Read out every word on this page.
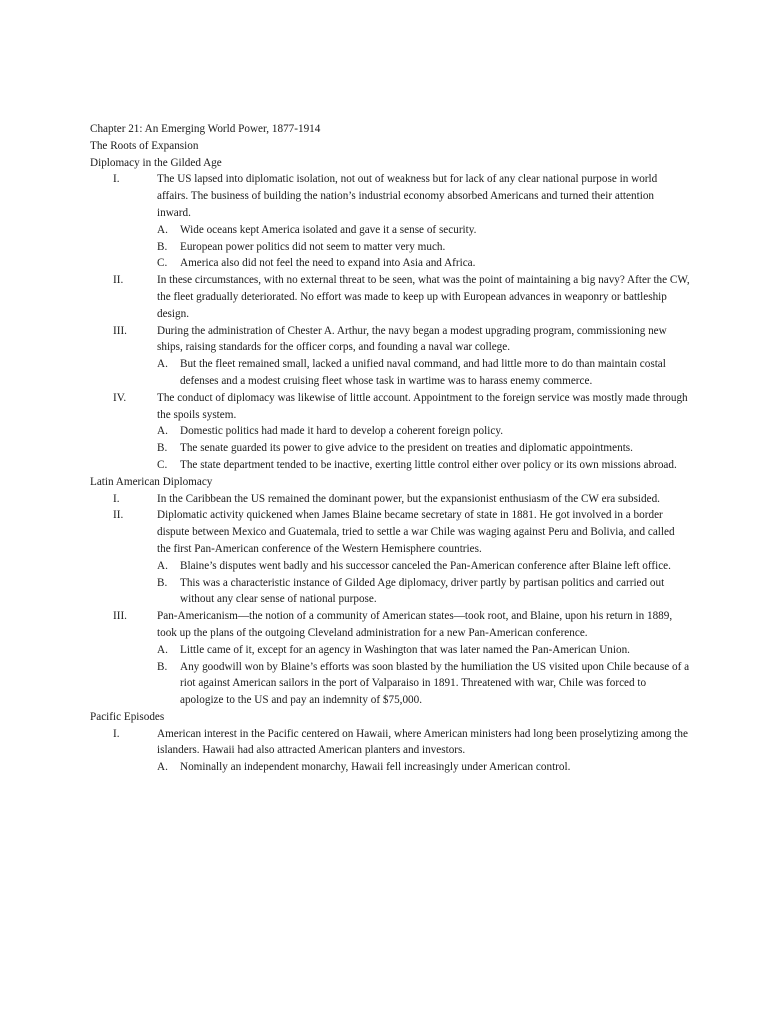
Chapter 21: An Emerging World Power, 1877-1914

The Roots of Expansion

Diplomacy in the Gilded Age

I.	The US lapsed into diplomatic isolation, not out of weakness but for lack of any clear national purpose in world affairs. The business of building the nation’s industrial economy absorbed Americans and turned their attention inward.
A.	Wide oceans kept America isolated and gave it a sense of security.
B.	European power politics did not seem to matter very much.
C.	America also did not feel the need to expand into Asia and Africa.
II.	In these circumstances, with no external threat to be seen, what was the point of maintaining a big navy? After the CW, the fleet gradually deteriorated. No effort was made to keep up with European advances in weaponry or battleship design.
III.	During the administration of Chester A. Arthur, the navy began a modest upgrading program, commissioning new ships, raising standards for the officer corps, and founding a naval war college.
A.	But the fleet remained small, lacked a unified naval command, and had little more to do than maintain costal defenses and a modest cruising fleet whose task in wartime was to harass enemy commerce.
IV.	The conduct of diplomacy was likewise of little account. Appointment to the foreign service was mostly made through the spoils system.
A.	Domestic politics had made it hard to develop a coherent foreign policy.
B.	The senate guarded its power to give advice to the president on treaties and diplomatic appointments.
C.	The state department tended to be inactive, exerting little control either over policy or its own missions abroad.

Latin American Diplomacy

I.	In the Caribbean the US remained the dominant power, but the expansionist enthusiasm of the CW era subsided.
II.	Diplomatic activity quickened when James Blaine became secretary of state in 1881. He got involved in a border dispute between Mexico and Guatemala, tried to settle a war Chile was waging against Peru and Bolivia, and called the first Pan-American conference of the Western Hemisphere countries.
A.	Blaine’s disputes went badly and his successor canceled the Pan-American conference after Blaine left office.
B.	This was a characteristic instance of Gilded Age diplomacy, driver partly by partisan politics and carried out without any clear sense of national purpose.
III.	Pan-Americanism—the notion of a community of American states—took root, and Blaine, upon his return in 1889, took up the plans of the outgoing Cleveland administration for a new Pan-American conference.
A.	Little came of it, except for an agency in Washington that was later named the Pan-American Union.
B.	Any goodwill won by Blaine’s efforts was soon blasted by the humiliation the US visited upon Chile because of a riot against American sailors in the port of Valparaiso in 1891. Threatened with war, Chile was forced to apologize to the US and pay an indemnity of $75,000.

Pacific Episodes

I.	American interest in the Pacific centered on Hawaii, where American ministers had long been proselytizing among the islanders. Hawaii had also attracted American planters and investors.
A.	Nominally an independent monarchy, Hawaii fell increasingly under American control.
